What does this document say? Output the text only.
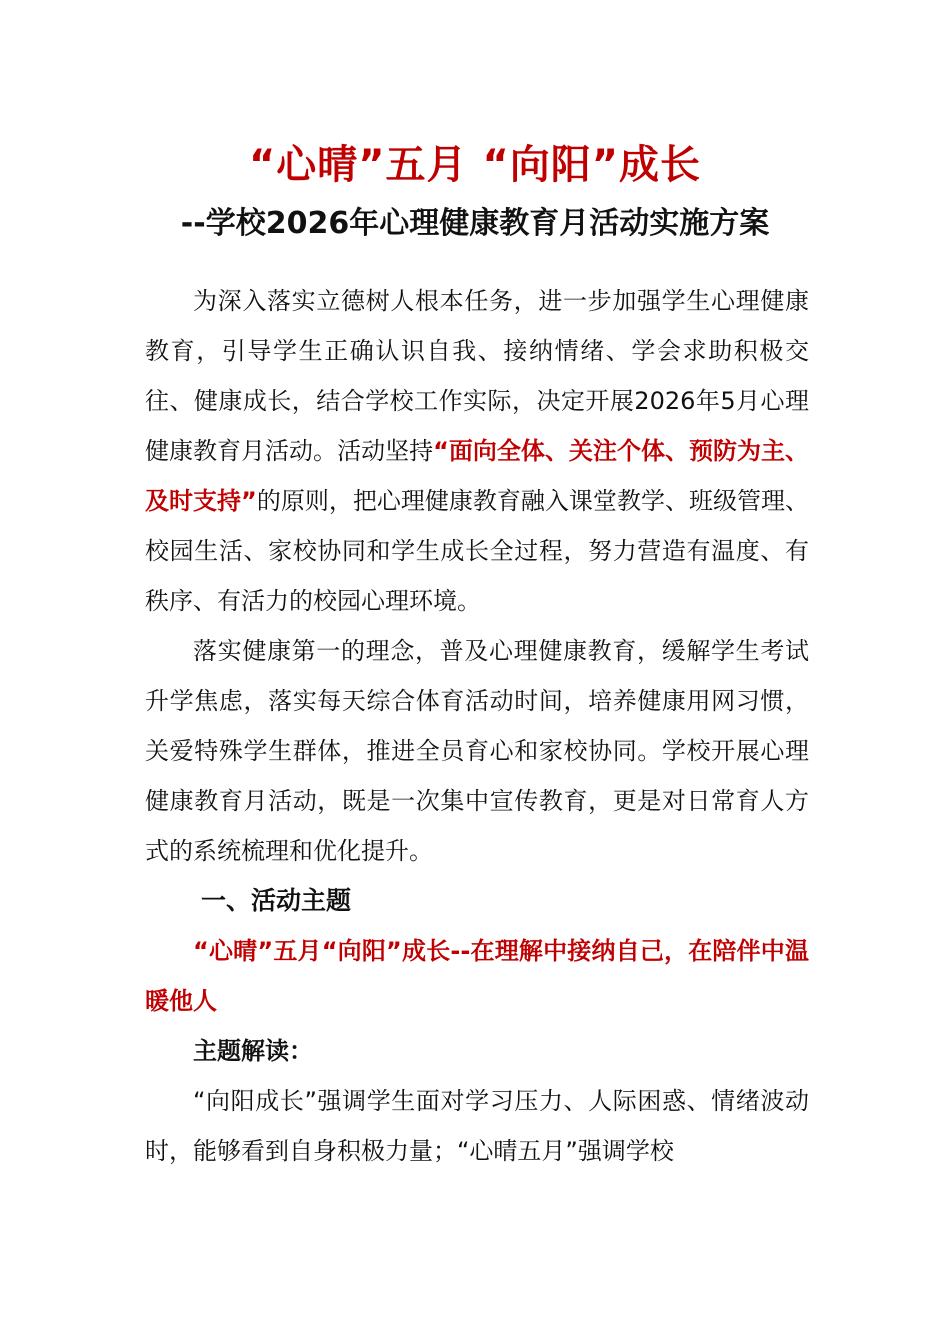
“心晴”五月 “向阳”成长
--学校2026年心理健康教育月活动实施方案

为深入落实立德树人根本任务，进一步加强学生心理健康教育，引导学生正确认识自我、接纳情绪、学会求助积极交往、健康成长，结合学校工作实际，决定开展2026年5月心理健康教育月活动。活动坚持“面向全体、关注个体、预防为主、及时支持”的原则，把心理健康教育融入课堂教学、班级管理、校园生活、家校协同和学生成长全过程，努力营造有温度、有秩序、有活力的校园心理环境。

落实健康第一的理念，普及心理健康教育，缓解学生考试升学焦虑，落实每天综合体育活动时间，培养健康用网习惯，关爱特殊学生群体，推进全员育心和家校协同。学校开展心理健康教育月活动，既是一次集中宣传教育，更是对日常育人方式的系统梳理和优化提升。

一、活动主题

“心晴”五月“向阳”成长--在理解中接纳自己，在陪伴中温暖他人

主题解读：

“向阳成长”强调学生面对学习压力、人际困惑、情绪波动时，能够看到自身积极力量；“心晴五月”强调学校
